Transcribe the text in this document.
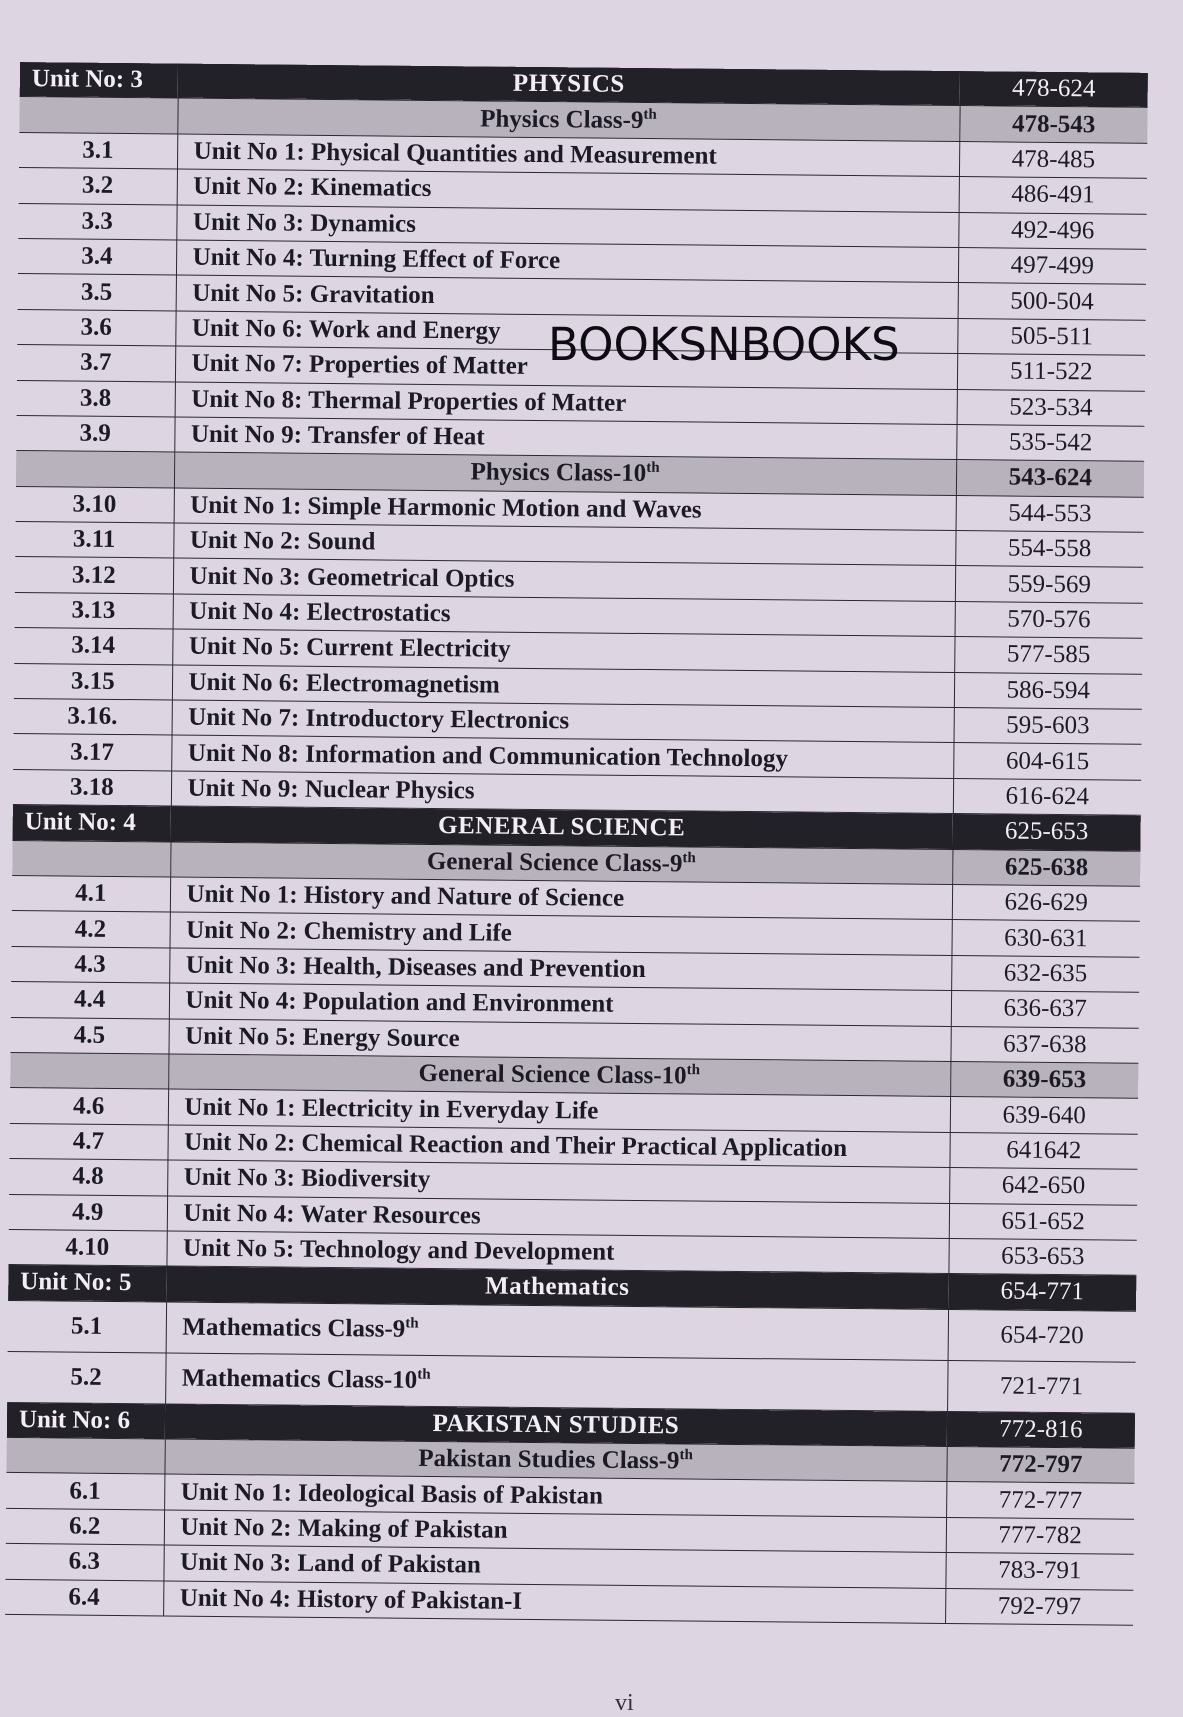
Unit No: 3	PHYSICS	478-624
	Physics Class-9th	478-543
3.1	Unit No 1: Physical Quantities and Measurement	478-485
3.2	Unit No 2: Kinematics	486-491
3.3	Unit No 3: Dynamics	492-496
3.4	Unit No 4: Turning Effect of Force	497-499
3.5	Unit No 5: Gravitation	500-504
3.6	Unit No 6: Work and Energy	505-511
3.7	Unit No 7: Properties of Matter	511-522
3.8	Unit No 8: Thermal Properties of Matter	523-534
3.9	Unit No 9: Transfer of Heat	535-542
	Physics Class-10th	543-624
3.10	Unit No 1: Simple Harmonic Motion and Waves	544-553
3.11	Unit No 2: Sound	554-558
3.12	Unit No 3: Geometrical Optics	559-569
3.13	Unit No 4: Electrostatics	570-576
3.14	Unit No 5: Current Electricity	577-585
3.15	Unit No 6: Electromagnetism	586-594
3.16.	Unit No 7: Introductory Electronics	595-603
3.17	Unit No 8: Information and Communication Technology	604-615
3.18	Unit No 9: Nuclear Physics	616-624
Unit No: 4	GENERAL SCIENCE	625-653
	General Science Class-9th	625-638
4.1	Unit No 1: History and Nature of Science	626-629
4.2	Unit No 2: Chemistry and Life	630-631
4.3	Unit No 3: Health, Diseases and Prevention	632-635
4.4	Unit No 4: Population and Environment	636-637
4.5	Unit No 5: Energy Source	637-638
	General Science Class-10th	639-653
4.6	Unit No 1: Electricity in Everyday Life	639-640
4.7	Unit No 2: Chemical Reaction and Their Practical Application	641642
4.8	Unit No 3: Biodiversity	642-650
4.9	Unit No 4: Water Resources	651-652
4.10	Unit No 5: Technology and Development	653-653
Unit No: 5	Mathematics	654-771
5.1	Mathematics Class-9th	654-720
5.2	Mathematics Class-10th	721-771
Unit No: 6	PAKISTAN STUDIES	772-816
	Pakistan Studies Class-9th	772-797
6.1	Unit No 1: Ideological Basis of Pakistan	772-777
6.2	Unit No 2: Making of Pakistan	777-782
6.3	Unit No 3: Land of Pakistan	783-791
6.4	Unit No 4: History of Pakistan-I	792-797
BOOKSNBOOKS
vi
